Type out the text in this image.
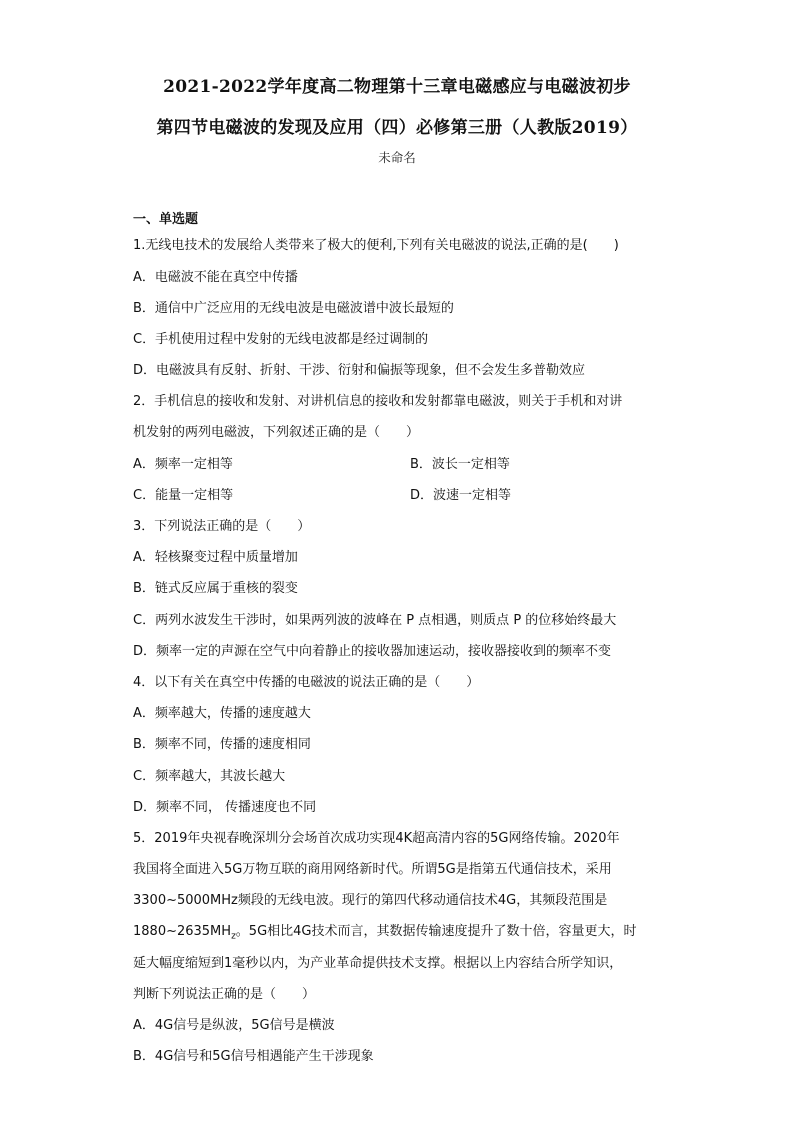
2021-2022学年度高二物理第十三章电磁感应与电磁波初步
第四节电磁波的发现及应用（四）必修第三册（人教版2019）
未命名
一、单选题
1.无线电技术的发展给人类带来了极大的便利,下列有关电磁波的说法,正确的是(　　)
A．电磁波不能在真空中传播
B．通信中广泛应用的无线电波是电磁波谱中波长最短的
C．手机使用过程中发射的无线电波都是经过调制的
D．电磁波具有反射、折射、干涉、衍射和偏振等现象，但不会发生多普勒效应
2．手机信息的接收和发射、对讲机信息的接收和发射都靠电磁波，则关于手机和对讲
机发射的两列电磁波，下列叙述正确的是（　　）
A．频率一定相等	B．波长一定相等
C．能量一定相等	D．波速一定相等
3．下列说法正确的是（　　）
A．轻核聚变过程中质量增加
B．链式反应属于重核的裂变
C．两列水波发生干涉时，如果两列波的波峰在 P 点相遇，则质点 P 的位移始终最大
D．频率一定的声源在空气中向着静止的接收器加速运动，接收器接收到的频率不变
4．以下有关在真空中传播的电磁波的说法正确的是（　　）
A．频率越大，传播的速度越大
B．频率不同，传播的速度相同
C．频率越大，其波长越大
D．频率不同， 传播速度也不同
5．2019年央视春晚深圳分会场首次成功实现4K超高清内容的5G网络传输。2020年
我国将全面进入5G万物互联的商用网络新时代。所谓5G是指第五代通信技术，采用
3300~5000MHz频段的无线电波。现行的第四代移动通信技术4G，其频段范围是
$1880\sim 2635MH_z$。5G相比4G技术而言，其数据传输速度提升了数十倍，容量更大，时
延大幅度缩短到1毫秒以内，为产业革命提供技术支撑。根据以上内容结合所学知识，
判断下列说法正确的是（　　）
A．4G信号是纵波，5G信号是横波
B．4G信号和5G信号相遇能产生干涉现象
